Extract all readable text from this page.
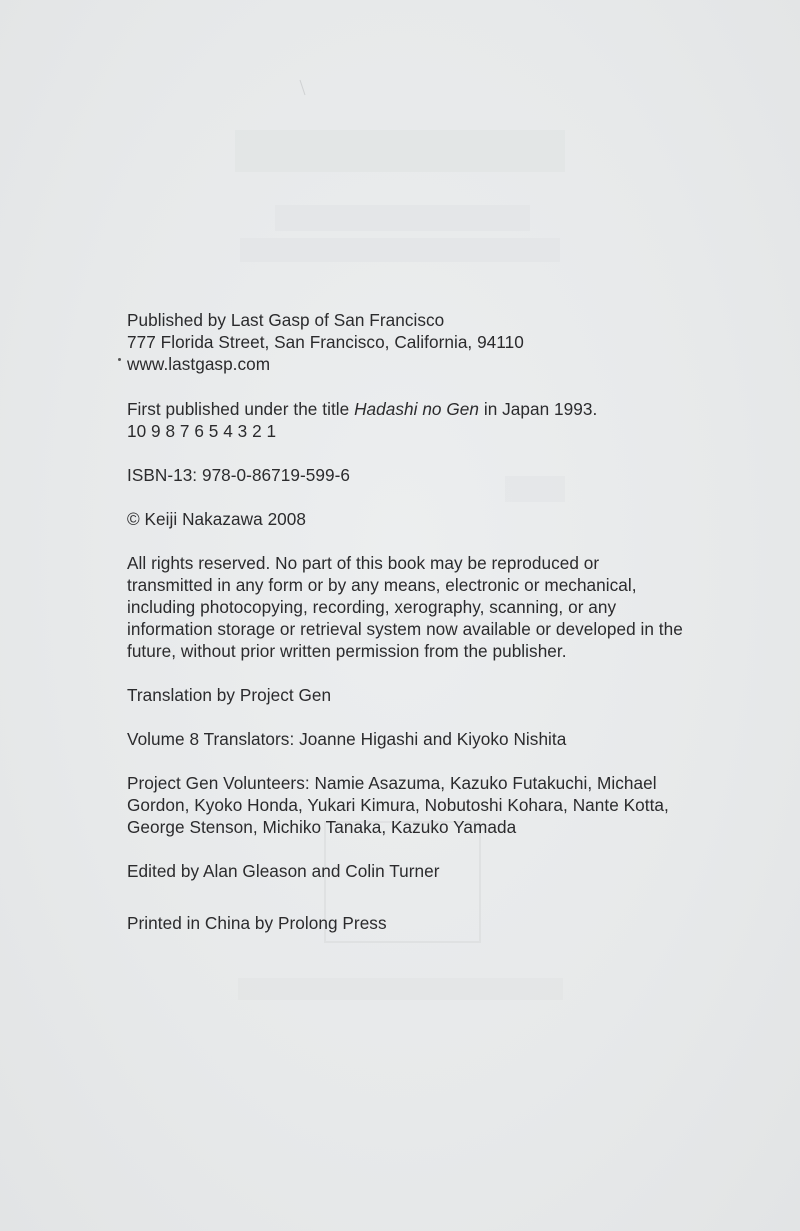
Published by Last Gasp of San Francisco
777 Florida Street, San Francisco, California, 94110
www.lastgasp.com
First published under the title Hadashi no Gen in Japan 1993.
10 9 8 7 6 5 4 3 2 1
ISBN-13: 978-0-86719-599-6
© Keiji Nakazawa 2008

All rights reserved. No part of this book may be reproduced or transmitted in any form or by any means, electronic or mechanical, including photocopying, recording, xerography, scanning, or any information storage or retrieval system now available or developed in the future, without prior written permission from the publisher.

Translation by Project Gen
Volume 8 Translators: Joanne Higashi and Kiyoko Nishita

Project Gen Volunteers: Namie Asazuma, Kazuko Futakuchi, Michael Gordon, Kyoko Honda, Yukari Kimura, Nobutoshi Kohara, Nante Kotta, George Stenson, Michiko Tanaka, Kazuko Yamada

Edited by Alan Gleason and Colin Turner
Printed in China by Prolong Press
